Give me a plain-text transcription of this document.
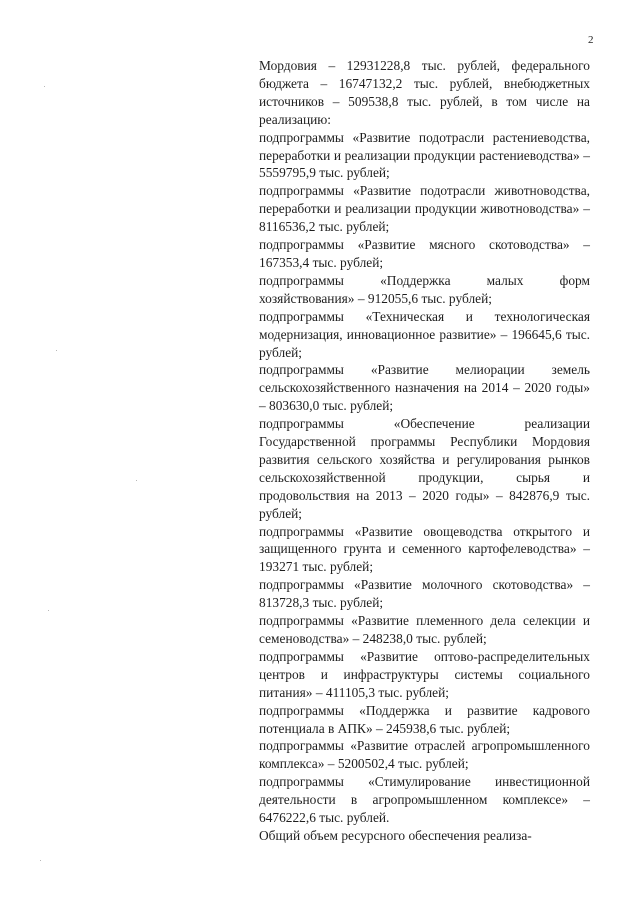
2

Мордовия – 12931228,8 тыс. рублей, федерального бюджета – 16747132,2 тыс. рублей, внебюджетных источников – 509538,8 тыс. рублей, в том числе на реализацию:

подпрограммы «Развитие подотрасли растениеводства, переработки и реализации продукции растениеводства» – 5559795,9 тыс. рублей;

подпрограммы «Развитие подотрасли животноводства, переработки и реализации продукции животноводства» – 8116536,2 тыс. рублей;

подпрограммы «Развитие мясного скотоводства» – 167353,4 тыс. рублей;

подпрограммы «Поддержка малых форм хозяйствования» – 912055,6 тыс. рублей;

подпрограммы «Техническая и технологическая модернизация, инновационное развитие» – 196645,6 тыс. рублей;

подпрограммы «Развитие мелиорации земель сельскохозяйственного назначения на 2014 – 2020 годы» – 803630,0 тыс. рублей;

подпрограммы «Обеспечение реализации Государственной программы Республики Мордовия развития сельского хозяйства и регулирования рынков сельскохозяйственной продукции, сырья и продовольствия на 2013 – 2020 годы» – 842876,9 тыс. рублей;

подпрограммы «Развитие овощеводства открытого и защищенного грунта и семенного картофелеводства» – 193271 тыс. рублей;

подпрограммы «Развитие молочного скотоводства» – 813728,3 тыс. рублей;

подпрограммы «Развитие племенного дела селекции и семеноводства» – 248238,0 тыс. рублей;

подпрограммы «Развитие оптово-распределительных центров и инфраструктуры системы социального питания» – 411105,3 тыс. рублей;

подпрограммы «Поддержка и развитие кадрового потенциала в АПК» – 245938,6 тыс. рублей;

подпрограммы «Развитие отраслей агропромышленного комплекса» – 5200502,4 тыс. рублей;

подпрограммы «Стимулирование инвестиционной деятельности в агропромышленном комплексе» – 6476222,6 тыс. рублей.

Общий объем ресурсного обеспечения реализа-
